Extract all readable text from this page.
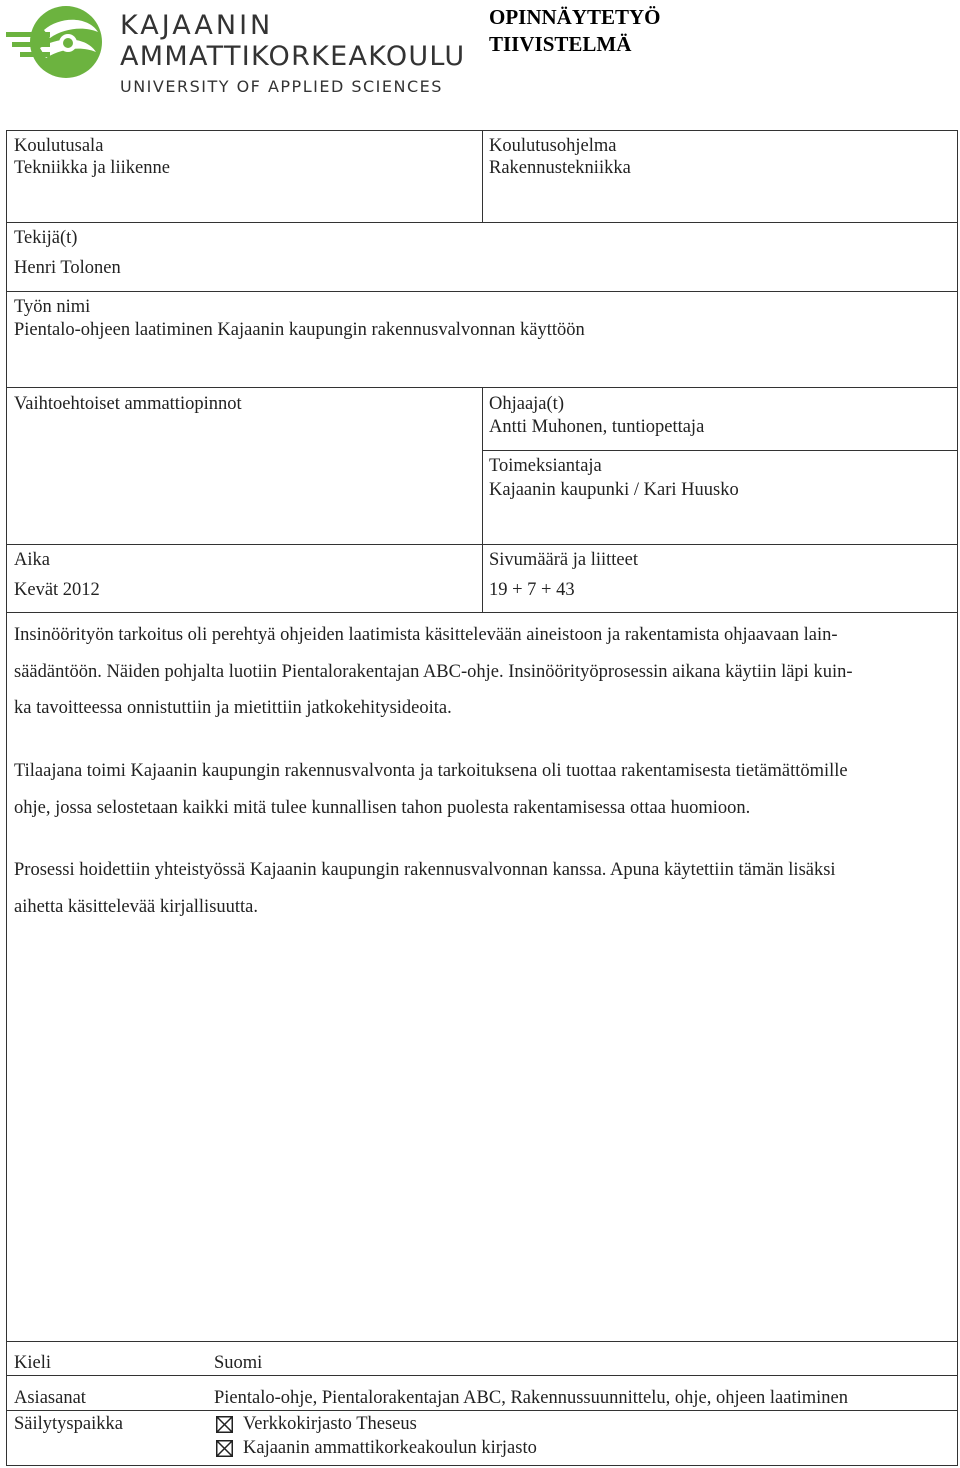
KAJAANIN
AMMATTIKORKEAKOULU
UNIVERSITY OF APPLIED SCIENCES
OPINNÄYTETYÖ
TIIVISTELMÄ
Koulutusala
Tekniikka ja liikenne
Koulutusohjelma
Rakennustekniikka
Tekijä(t)
Henri Tolonen
Työn nimi
Pientalo-ohjeen laatiminen Kajaanin kaupungin rakennusvalvonnan käyttöön
Vaihtoehtoiset ammattiopinnot	Ohjaaja(t)
Antti Muhonen, tuntiopettaja
Toimeksiantaja
Kajaanin kaupunki / Kari Huusko
Aika
Kevät 2012
Sivumäärä ja liitteet
19 + 7 + 43

Insinöörityön tarkoitus oli perehtyä ohjeiden laatimista käsittelevään aineistoon ja rakentamista ohjaavaan lain-

säädäntöön. Näiden pohjalta luotiin Pientalorakentajan ABC-ohje. Insinöörityöprosessin aikana käytiin läpi kuin-

ka tavoitteessa onnistuttiin ja mietittiin jatkokehitysideoita.

Tilaajana toimi Kajaanin kaupungin rakennusvalvonta ja tarkoituksena oli tuottaa rakentamisesta tietämättömille

ohje, jossa selostetaan kaikki mitä tulee kunnallisen tahon puolesta rakentamisessa ottaa huomioon.

Prosessi hoidettiin yhteistyössä Kajaanin kaupungin rakennusvalvonnan kanssa. Apuna käytettiin tämän lisäksi

aihetta käsittelevää kirjallisuutta.

Kieli	Suomi
Asiasanat	Pientalo-ohje, Pientalorakentajan ABC, Rakennussuunnittelu, ohje, ohjeen laatiminen
Säilytyspaikka	Verkkokirjasto Theseus
Kajaanin ammattikorkeakoulun kirjasto
